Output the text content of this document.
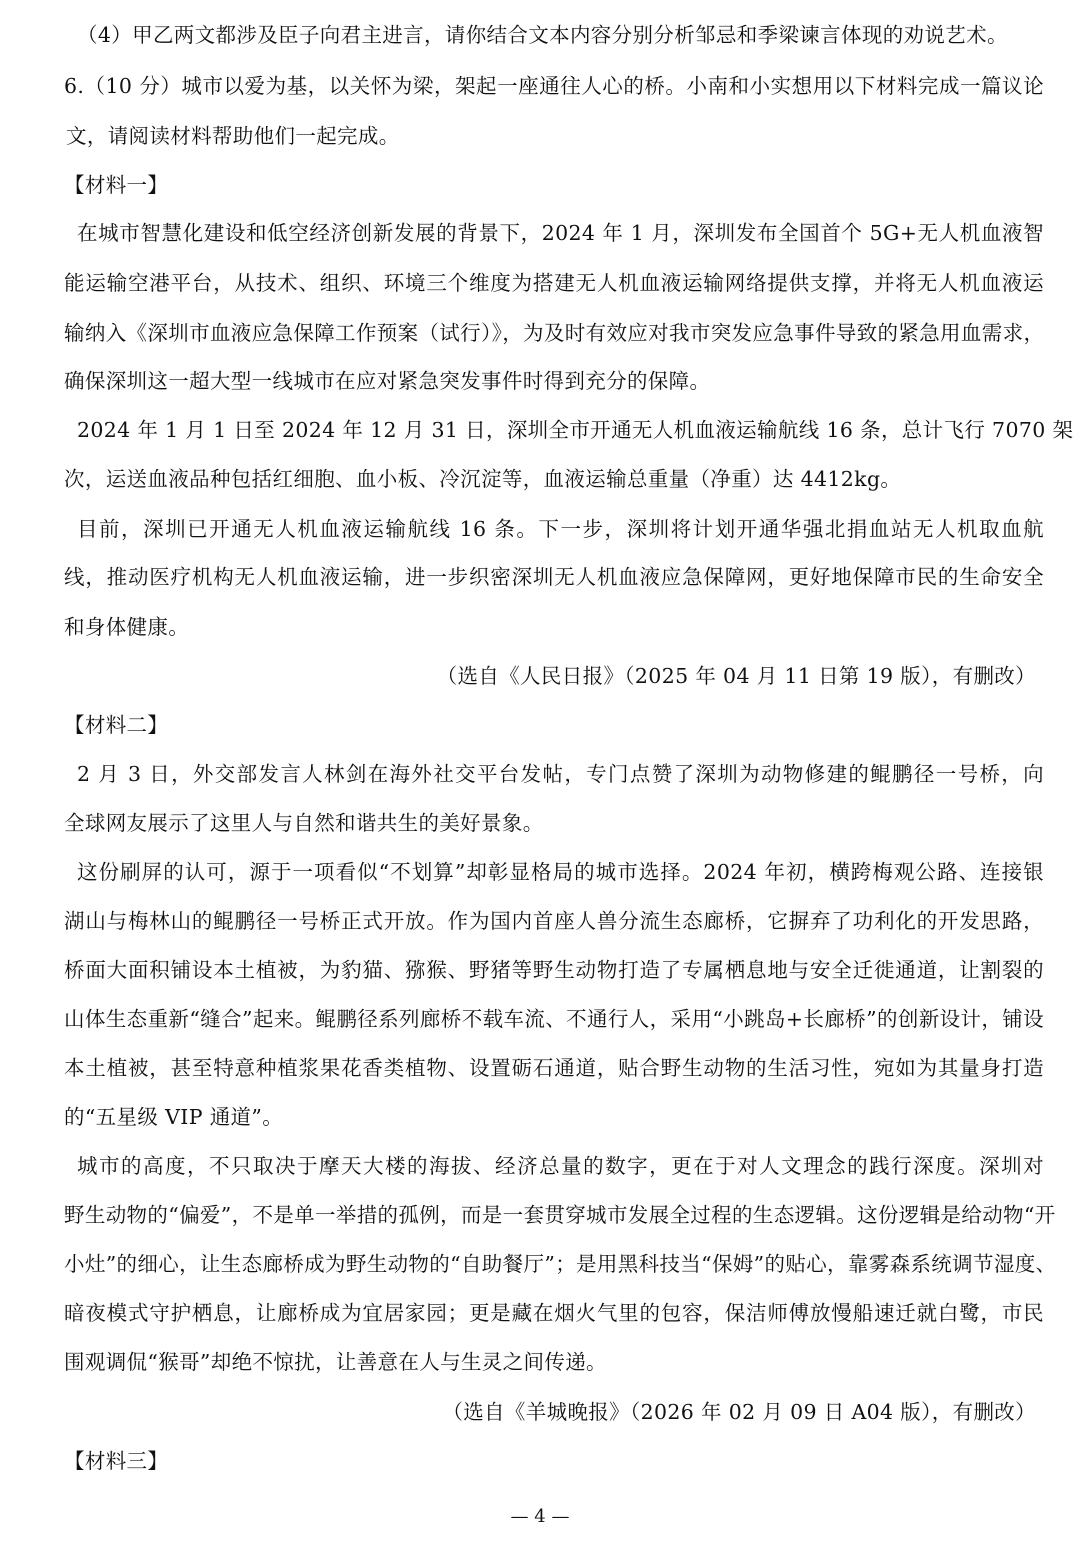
（4）甲乙两文都涉及臣子向君主进言，请你结合文本内容分别分析邹忌和季梁谏言体现的劝说艺术。
6.（10 分）城市以爱为基，以关怀为梁，架起一座通往人心的桥。小南和小实想用以下材料完成一篇议论
文，请阅读材料帮助他们一起完成。
【材料一】
在城市智慧化建设和低空经济创新发展的背景下，2024 年 1 月，深圳发布全国首个 5G+无人机血液智
能运输空港平台，从技术、组织、环境三个维度为搭建无人机血液运输网络提供支撑，并将无人机血液运
输纳入《深圳市血液应急保障工作预案（试行）》，为及时有效应对我市突发应急事件导致的紧急用血需求，
确保深圳这一超大型一线城市在应对紧急突发事件时得到充分的保障。
2024 年 1 月 1 日至 2024 年 12 月 31 日，深圳全市开通无人机血液运输航线 16 条，总计飞行 7070 架
次，运送血液品种包括红细胞、血小板、冷沉淀等，血液运输总重量（净重）达 4412kg。
目前，深圳已开通无人机血液运输航线 16 条。下一步，深圳将计划开通华强北捐血站无人机取血航
线，推动医疗机构无人机血液运输，进一步织密深圳无人机血液应急保障网，更好地保障市民的生命安全
和身体健康。
（选自《人民日报》（2025 年 04 月 11 日第 19 版），有删改）
【材料二】
2 月 3 日，外交部发言人林剑在海外社交平台发帖，专门点赞了深圳为动物修建的鲲鹏径一号桥，向
全球网友展示了这里人与自然和谐共生的美好景象。
这份刷屏的认可，源于一项看似“不划算”却彰显格局的城市选择。2024 年初，横跨梅观公路、连接银
湖山与梅林山的鲲鹏径一号桥正式开放。作为国内首座人兽分流生态廊桥，它摒弃了功利化的开发思路，
桥面大面积铺设本土植被，为豹猫、猕猴、野猪等野生动物打造了专属栖息地与安全迁徙通道，让割裂的
山体生态重新“缝合”起来。鲲鹏径系列廊桥不载车流、不通行人，采用“小跳岛+长廊桥”的创新设计，铺设
本土植被，甚至特意种植浆果花香类植物、设置砺石通道，贴合野生动物的生活习性，宛如为其量身打造
的“五星级 VIP 通道”。
城市的高度，不只取决于摩天大楼的海拔、经济总量的数字，更在于对人文理念的践行深度。深圳对
野生动物的“偏爱”，不是单一举措的孤例，而是一套贯穿城市发展全过程的生态逻辑。这份逻辑是给动物“开
小灶”的细心，让生态廊桥成为野生动物的“自助餐厅”；是用黑科技当“保姆”的贴心，靠雾森系统调节湿度、
暗夜模式守护栖息，让廊桥成为宜居家园；更是藏在烟火气里的包容，保洁师傅放慢船速迁就白鹭，市民
围观调侃“猴哥”却绝不惊扰，让善意在人与生灵之间传递。
（选自《羊城晚报》（2026 年 02 月 09 日 A04 版），有删改）
【材料三】
— 4 —
